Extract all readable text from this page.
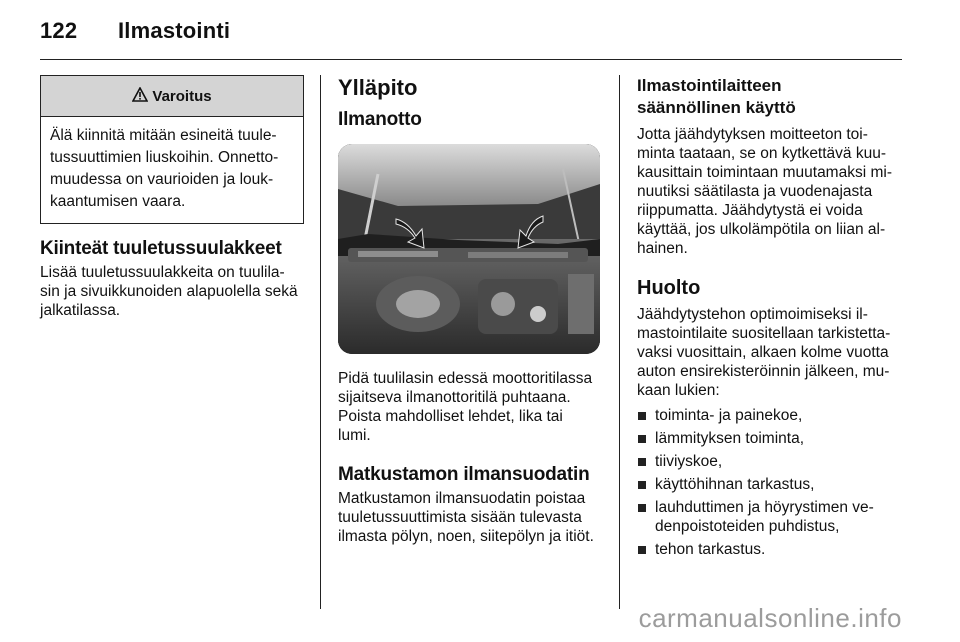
122 Ilmastointi
Varoitus
Älä kiinnitä mitään esineitä tuule-
tussuuttimien liuskoihin. Onnetto-
muudessa on vaurioiden ja louk-
kaantumisen vaara.
Kiinteät tuuletussuulakkeet

Lisää tuuletussuulakkeita on tuulila-

sin ja sivuikkunoiden alapuolella sekä

jalkatilassa.

Ylläpito
Ilmanotto

Pidä tuulilasin edessä moottoritilassa

sijaitseva ilmanottoritilä puhtaana.

Poista mahdolliset lehdet, lika tai

lumi.

Matkustamon ilmansuodatin

Matkustamon ilmansuodatin poistaa

tuuletussuuttimista sisään tulevasta

ilmasta pölyn, noen, siitepölyn ja itiöt.

Ilmastointilaitteen
säännöllinen käyttö

Jotta jäähdytyksen moitteeton toi-

minta taataan, se on kytkettävä kuu-

kausittain toimintaan muutamaksi mi-

nuutiksi säätilasta ja vuodenajasta

riippumatta. Jäähdytystä ei voida

käyttää, jos ulkolämpötila on liian al-

hainen.

Huolto

Jäähdytystehon optimoimiseksi il-

mastointilaite suositellaan tarkistetta-

vaksi vuosittain, alkaen kolme vuotta

auton ensirekisteröinnin jälkeen, mu-

kaan lukien:

toiminta- ja painekoe,
lämmityksen toiminta,
tiiviyskoe,
käyttöhihnan tarkastus,
lauhduttimen ja höyrystimen ve-
denpoistoteiden puhdistus,
tehon tarkastus.
carmanualsonline.info
